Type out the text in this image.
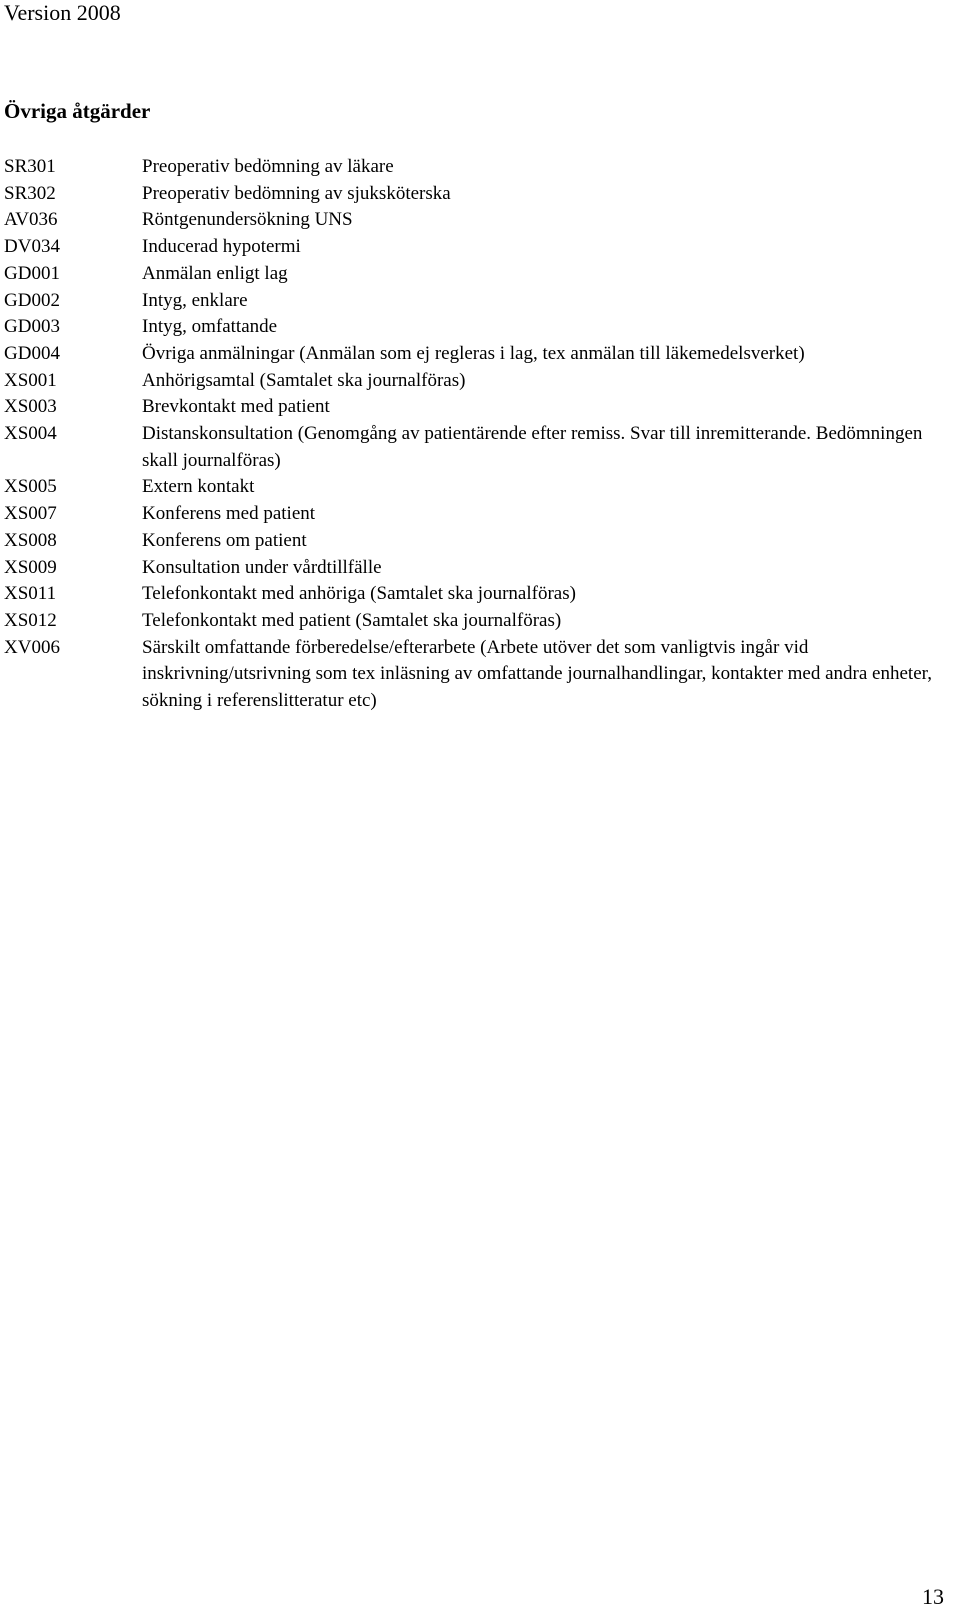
Version 2008
Övriga åtgärder
SR301	Preoperativ bedömning av läkare
SR302	Preoperativ bedömning av sjuksköterska
AV036	Röntgenundersökning UNS
DV034	Inducerad hypotermi
GD001	Anmälan enligt lag
GD002	Intyg, enklare
GD003	Intyg, omfattande
GD004	Övriga anmälningar (Anmälan som ej regleras i lag, tex anmälan till läkemedelsverket)
XS001	Anhörigsamtal (Samtalet ska journalföras)
XS003	Brevkontakt med patient
XS004	Distanskonsultation (Genomgång av patientärende efter remiss. Svar till inremitterande. Bedömningen skall journalföras)
XS005	Extern kontakt
XS007	Konferens med patient
XS008	Konferens om patient
XS009	Konsultation under vårdtillfälle
XS011	Telefonkontakt med anhöriga (Samtalet ska journalföras)
XS012	Telefonkontakt med patient (Samtalet ska journalföras)
XV006	Särskilt omfattande förberedelse/efterarbete (Arbete utöver det som vanligtvis ingår vid inskrivning/utsrivning som tex inläsning av omfattande journalhandlingar, kontakter med andra enheter, sökning i referenslitteratur etc)
13
